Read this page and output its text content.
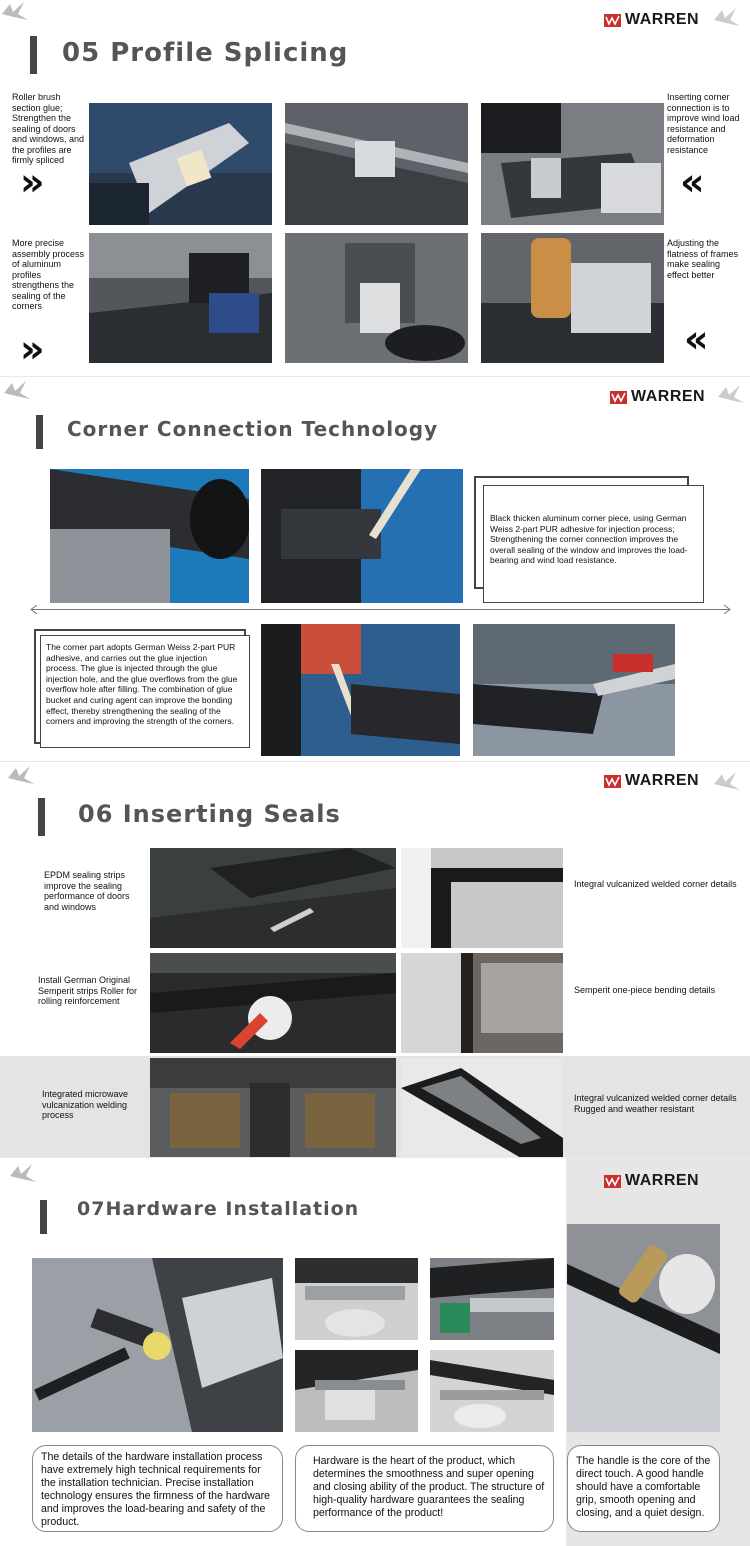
WARREN
05 Profile Splicing
Roller brush section glue; Strengthen the sealing of doors and windows, and the profiles are firmly spliced
»
More precise assembly process of aluminum profiles strengthens the sealing of the corners
»
Inserting corner connection is to improve wind load resistance and deformation resistance
«
Adjusting the flatness of frames make sealing effect better
«
WARREN
Corner Connection Technology
Black thicken aluminum corner piece, using German Weiss 2-part PUR adhesive for injection process;
Strengthening the corner connection improves the overall sealing of the window and improves the load-bearing and wind load resistance.
The corner part adopts German Weiss 2-part PUR adhesive, and carries out the glue injection process. The glue is injected through the glue injection hole, and the glue overflows from the glue overflow hole after filling. The combination of glue bucket and curing agent can improve the bonding effect, thereby strengthening the sealing of the corners and improving the strength of the corners.
WARREN
06 Inserting Seals
EPDM sealing strips improve the sealing performance of doors and windows
Install German Original Semperit strips Roller for rolling reinforcement
Integrated microwave vulcanization welding process
Integral vulcanized welded corner details
Semperit one-piece bending details
Integral vulcanized welded corner details
Rugged and weather resistant
WARREN
07Hardware Installation
The details of the hardware installation process have extremely high technical requirements for the installation technician. Precise installation technology ensures the firmness of the hardware and improves the load-bearing and safety of the product.
Hardware is the heart of the product, which determines the smoothness and super opening and closing ability of the product. The structure of high-quality hardware guarantees the sealing performance of the product!
The handle is the core of the direct touch. A good handle should have a comfortable grip, smooth opening and closing, and a quiet design.
